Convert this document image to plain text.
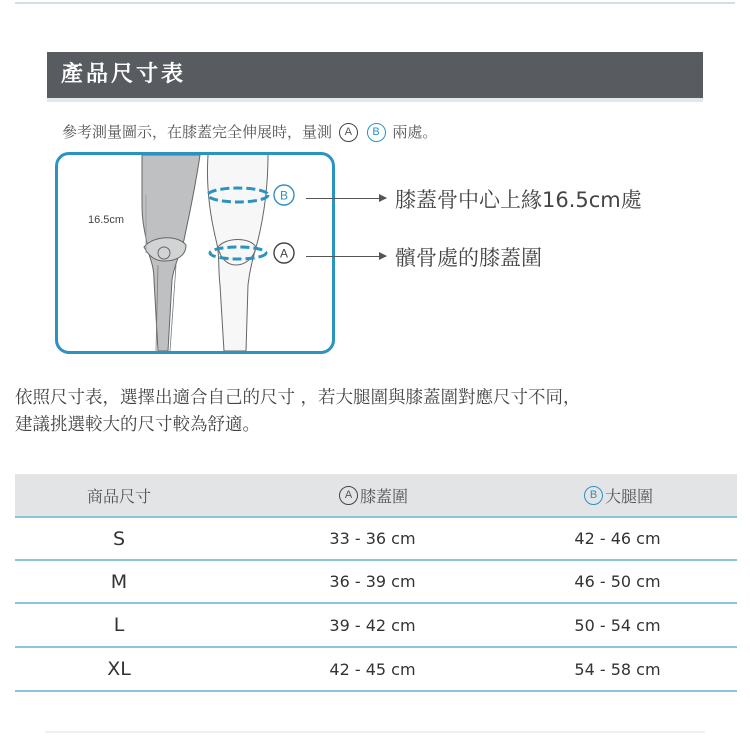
產品尺寸表
參考測量圖示，在膝蓋完全伸展時，量測 A B 兩處。
16.5cm
B
A
膝蓋骨中心上緣16.5cm處
髕骨處的膝蓋圍
依照尺寸表，選擇出適合自己的尺寸 ，若大腿圍與膝蓋圍對應尺寸不同，
建議挑選較大的尺寸較為舒適。
商品尺寸	A 膝蓋圍	B 大腿圍
S	33 - 36 cm	42 - 46 cm
M	36 - 39 cm	46 - 50 cm
L	39 - 42 cm	50 - 54 cm
XL	42 - 45 cm	54 - 58 cm
